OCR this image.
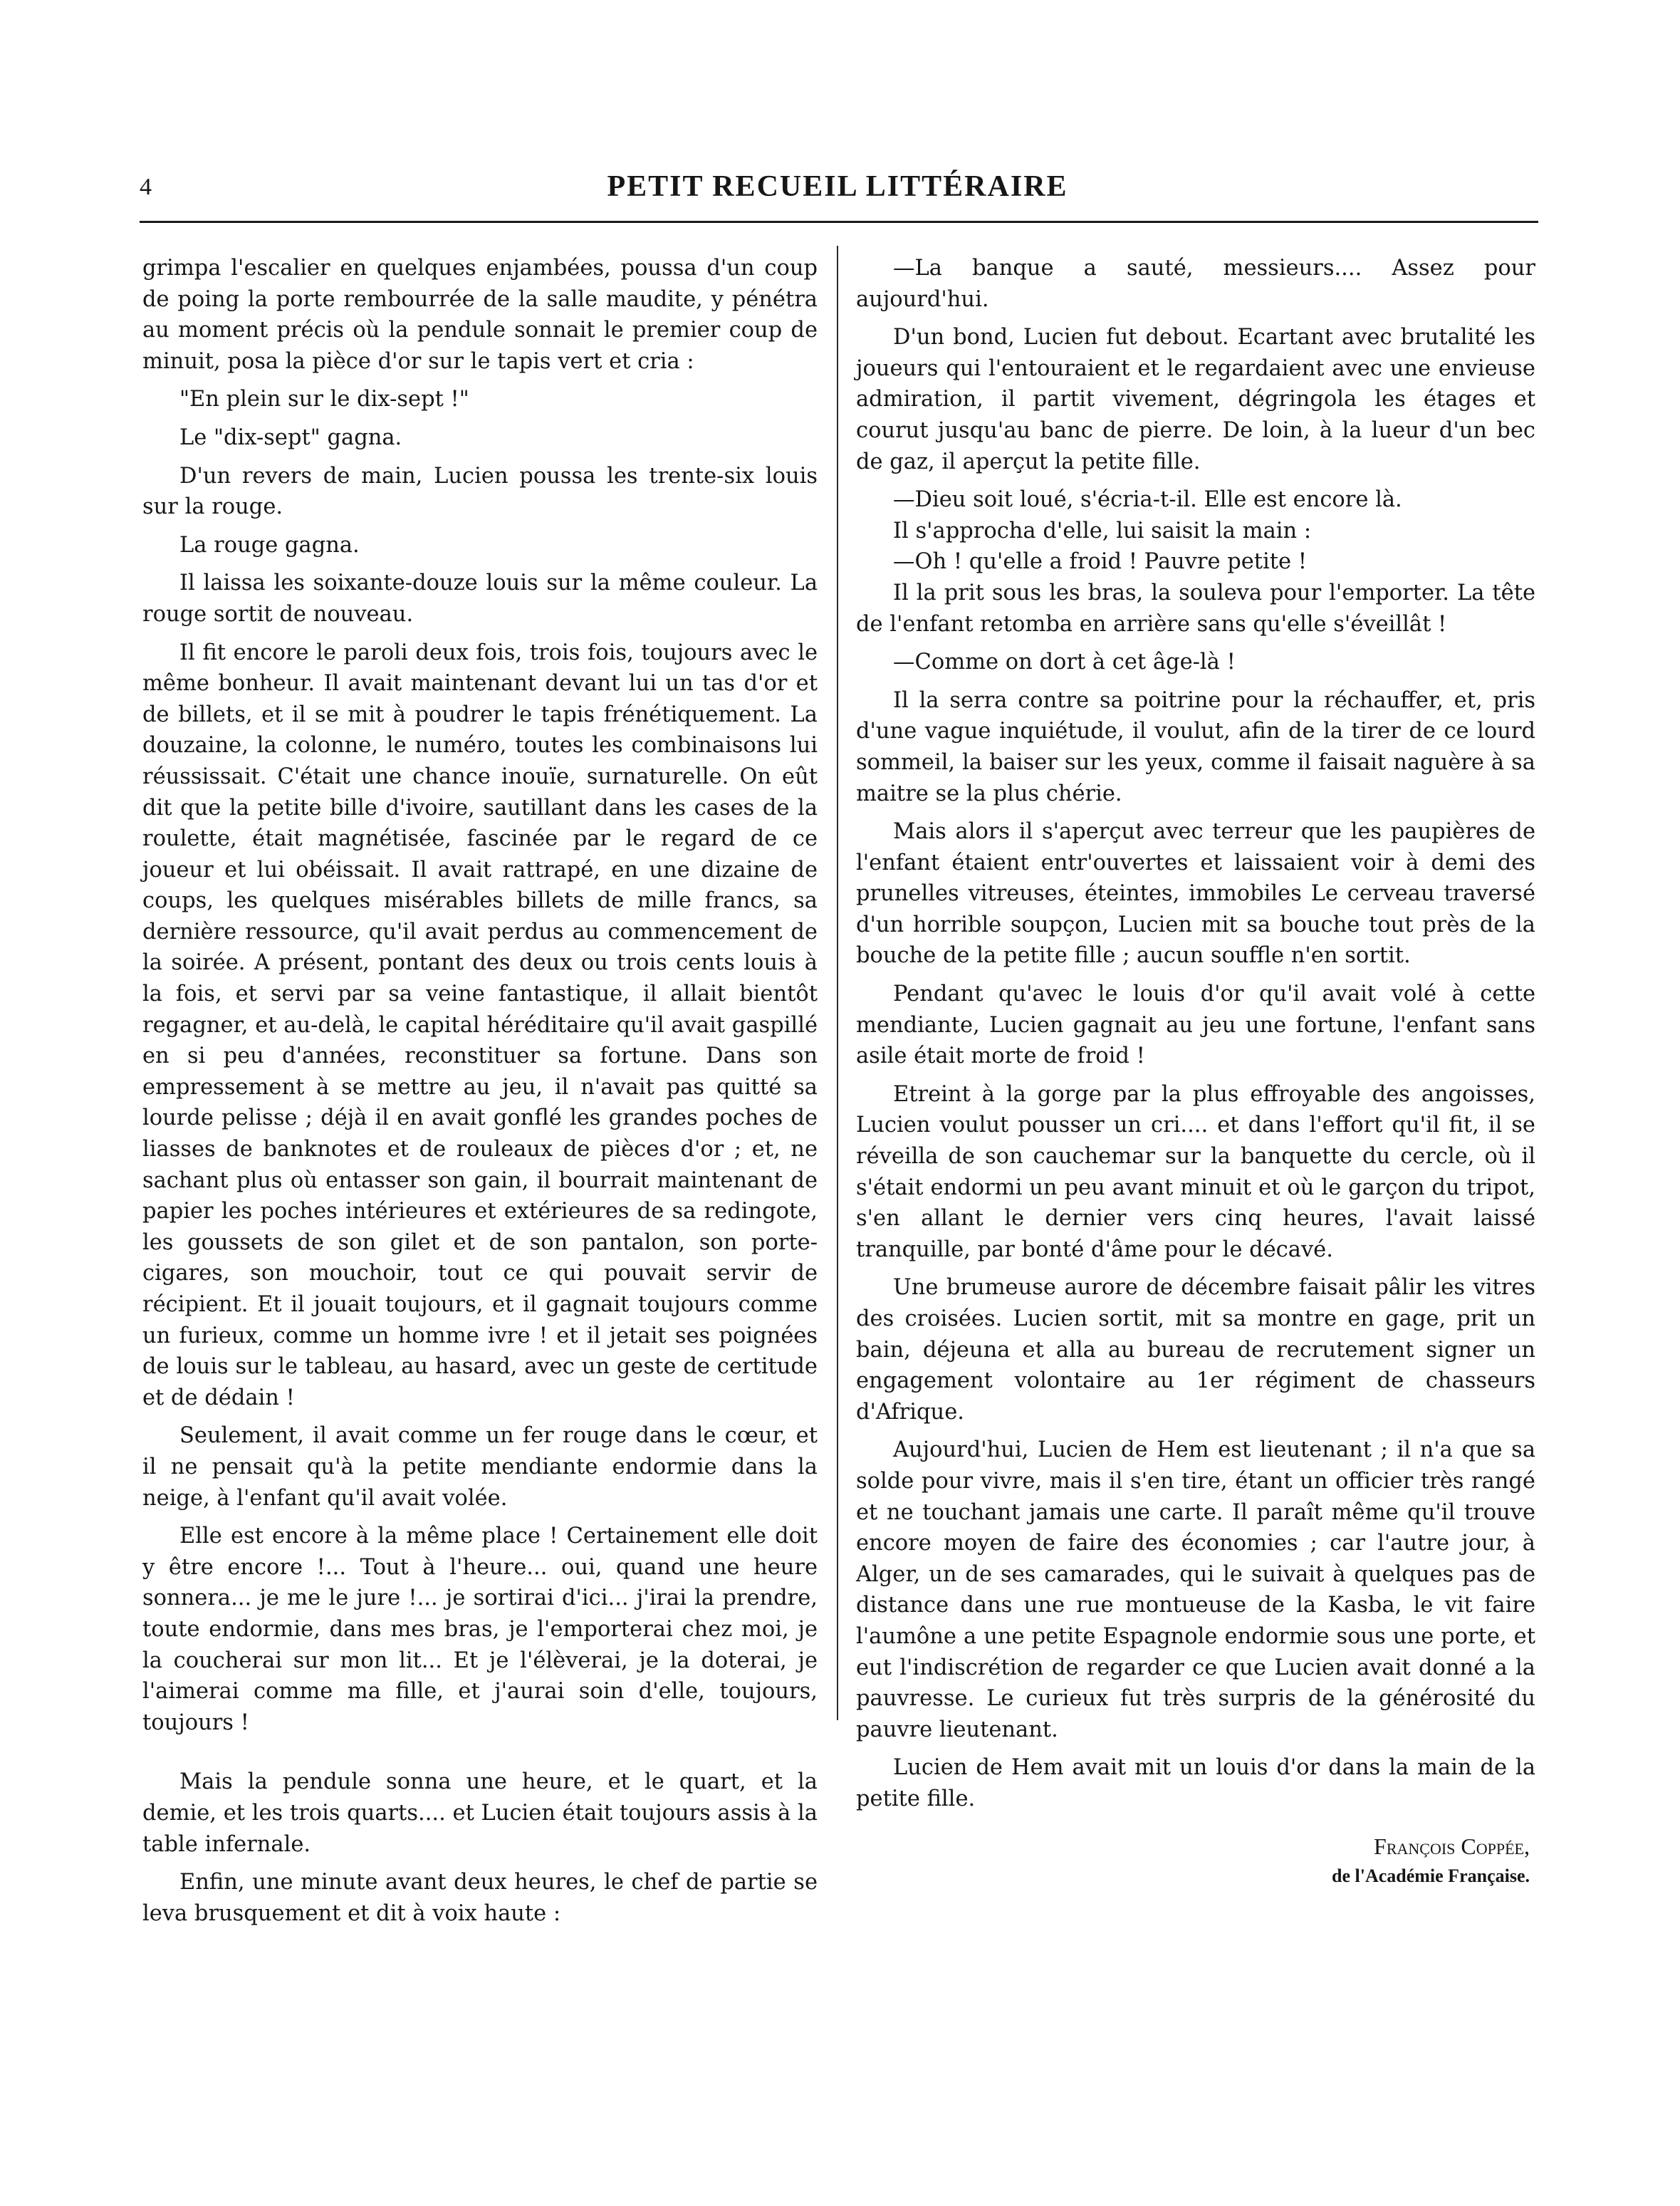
4	PETIT RECUEIL LITTÉRAIRE

grimpa l'escalier en quelques enjambées, poussa d'un coup de poing la porte rembourrée de la salle maudite, y pénétra au moment précis où la pendule sonnait le premier coup de minuit, posa la pièce d'or sur le tapis vert et cria :

"En plein sur le dix-sept !"

Le "dix-sept" gagna.

D'un revers de main, Lucien poussa les trente-six louis sur la rouge.

La rouge gagna.

Il laissa les soixante-douze louis sur la même couleur. La rouge sortit de nouveau.

Il fit encore le paroli deux fois, trois fois, toujours avec le même bonheur. Il avait maintenant devant lui un tas d'or et de billets, et il se mit à poudrer le tapis frénétiquement. La douzaine, la colonne, le numéro, toutes les combinaisons lui réussissait. C'était une chance inouïe, surnaturelle. On eût dit que la petite bille d'ivoire, sautillant dans les cases de la roulette, était magnétisée, fascinée par le regard de ce joueur et lui obéissait. Il avait rattrapé, en une dizaine de coups, les quelques misérables billets de mille francs, sa dernière ressource, qu'il avait perdus au commencement de la soirée. A présent, pontant des deux ou trois cents louis à la fois, et servi par sa veine fantastique, il allait bientôt regagner, et au-delà, le capital héréditaire qu'il avait gaspillé en si peu d'années, reconstituer sa fortune. Dans son empressement à se mettre au jeu, il n'avait pas quitté sa lourde pelisse ; déjà il en avait gonflé les grandes poches de liasses de banknotes et de rouleaux de pièces d'or ; et, ne sachant plus où entasser son gain, il bourrait maintenant de papier les poches intérieures et extérieures de sa redingote, les goussets de son gilet et de son pantalon, son porte-cigares, son mouchoir, tout ce qui pouvait servir de récipient. Et il jouait toujours, et il gagnait toujours comme un furieux, comme un homme ivre ! et il jetait ses poignées de louis sur le tableau, au hasard, avec un geste de certitude et de dédain !

Seulement, il avait comme un fer rouge dans le cœur, et il ne pensait qu'à la petite mendiante endormie dans la neige, à l'enfant qu'il avait volée.

Elle est encore à la même place ! Certainement elle doit y être encore !... Tout à l'heure... oui, quand une heure sonnera... je me le jure !... je sortirai d'ici... j'irai la prendre, toute endormie, dans mes bras, je l'emporterai chez moi, je la coucherai sur mon lit... Et je l'élèverai, je la doterai, je l'aimerai comme ma fille, et j'aurai soin d'elle, toujours, toujours !

Mais la pendule sonna une heure, et le quart, et la demie, et les trois quarts.... et Lucien était toujours assis à la table infernale.

Enfin, une minute avant deux heures, le chef de partie se leva brusquement et dit à voix haute :

—La banque a sauté, messieurs.... Assez pour aujourd'hui.

D'un bond, Lucien fut debout. Ecartant avec brutalité les joueurs qui l'entouraient et le regardaient avec une envieuse admiration, il partit vivement, dégringola les étages et courut jusqu'au banc de pierre. De loin, à la lueur d'un bec de gaz, il aperçut la petite fille.

—Dieu soit loué, s'écria-t-il. Elle est encore là.

Il s'approcha d'elle, lui saisit la main :

—Oh ! qu'elle a froid ! Pauvre petite !

Il la prit sous les bras, la souleva pour l'emporter. La tête de l'enfant retomba en arrière sans qu'elle s'éveillât !

—Comme on dort à cet âge-là !

Il la serra contre sa poitrine pour la réchauffer, et, pris d'une vague inquiétude, il voulut, afin de la tirer de ce lourd sommeil, la baiser sur les yeux, comme il faisait naguère à sa maitre se la plus chérie.

Mais alors il s'aperçut avec terreur que les paupières de l'enfant étaient entr'ouvertes et laissaient voir à demi des prunelles vitreuses, éteintes, immobiles Le cerveau traversé d'un horrible soupçon, Lucien mit sa bouche tout près de la bouche de la petite fille ; aucun souffle n'en sortit.

Pendant qu'avec le louis d'or qu'il avait volé à cette mendiante, Lucien gagnait au jeu une fortune, l'enfant sans asile était morte de froid !

Etreint à la gorge par la plus effroyable des angoisses, Lucien voulut pousser un cri.... et dans l'effort qu'il fit, il se réveilla de son cauchemar sur la banquette du cercle, où il s'était endormi un peu avant minuit et où le garçon du tripot, s'en allant le dernier vers cinq heures, l'avait laissé tranquille, par bonté d'âme pour le décavé.

Une brumeuse aurore de décembre faisait pâlir les vitres des croisées. Lucien sortit, mit sa montre en gage, prit un bain, déjeuna et alla au bureau de recrutement signer un engagement volontaire au 1er régiment de chasseurs d'Afrique.

Aujourd'hui, Lucien de Hem est lieutenant ; il n'a que sa solde pour vivre, mais il s'en tire, étant un officier très rangé et ne touchant jamais une carte. Il paraît même qu'il trouve encore moyen de faire des économies ; car l'autre jour, à Alger, un de ses camarades, qui le suivait à quelques pas de distance dans une rue montueuse de la Kasba, le vit faire l'aumône a une petite Espagnole endormie sous une porte, et eut l'indiscrétion de regarder ce que Lucien avait donné a la pauvresse. Le curieux fut très surpris de la générosité du pauvre lieutenant.

Lucien de Hem avait mit un louis d'or dans la main de la petite fille.

François Coppée,
de l'Académie Française.
